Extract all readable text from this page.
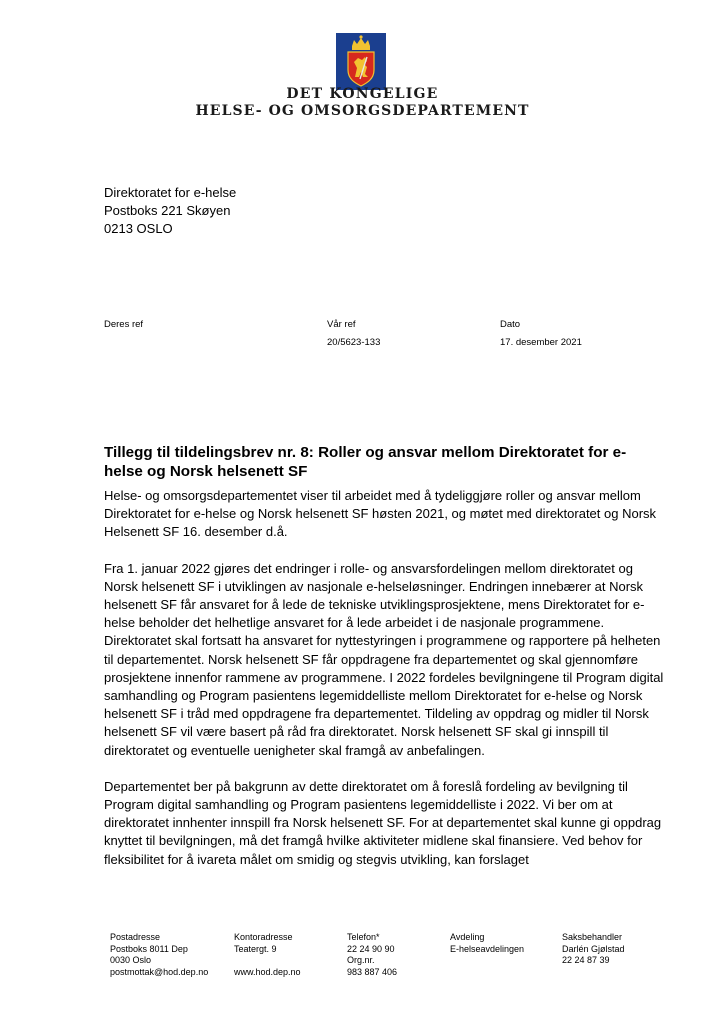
DET KONGELIGE
HELSE- OG OMSORGSDEPARTEMENT
Direktoratet for e-helse
Postboks 221 Skøyen
0213 OSLO
Deres ref	Vår ref
20/5623-133
Dato
17. desember 2021
Tillegg til tildelingsbrev nr. 8: Roller og ansvar mellom Direktoratet for e-helse og Norsk helsenett SF

Helse- og omsorgsdepartementet viser til arbeidet med å tydeliggjøre roller og ansvar mellom Direktoratet for e-helse og Norsk helsenett SF høsten 2021, og møtet med direktoratet og Norsk Helsenett SF 16. desember d.å.

Fra 1. januar 2022 gjøres det endringer i rolle- og ansvarsfordelingen mellom direktoratet og Norsk helsenett SF i utviklingen av nasjonale e-helseløsninger. Endringen innebærer at Norsk helsenett SF får ansvaret for å lede de tekniske utviklingsprosjektene, mens Direktoratet for e-helse beholder det helhetlige ansvaret for å lede arbeidet i de nasjonale programmene. Direktoratet skal fortsatt ha ansvaret for nyttestyringen i programmene og rapportere på helheten til departementet. Norsk helsenett SF får oppdragene fra departementet og skal gjennomføre prosjektene innenfor rammene av programmene. I 2022 fordeles bevilgningene til Program digital samhandling og Program pasientens legemiddelliste mellom Direktoratet for e-helse og Norsk helsenett SF i tråd med oppdragene fra departementet. Tildeling av oppdrag og midler til Norsk helsenett SF vil være basert på råd fra direktoratet. Norsk helsenett SF skal gi innspill til direktoratet og eventuelle uenigheter skal framgå av anbefalingen.

Departementet ber på bakgrunn av dette direktoratet om å foreslå fordeling av bevilgning til Program digital samhandling og Program pasientens legemiddelliste i 2022. Vi ber om at direktoratet innhenter innspill fra Norsk helsenett SF. For at departementet skal kunne gi oppdrag knyttet til bevilgningen, må det framgå hvilke aktiviteter midlene skal finansiere. Ved behov for fleksibilitet for å ivareta målet om smidig og stegvis utvikling, kan forslaget

Postadresse
Postboks 8011 Dep
0030 Oslo
postmottak@hod.dep.no
Kontoradresse
Teatergt. 9

www.hod.dep.no
Telefon*
22 24 90 90
Org.nr.
983 887 406
Avdeling
E-helseavdelingen
Saksbehandler
Darlén Gjølstad
22 24 87 39
